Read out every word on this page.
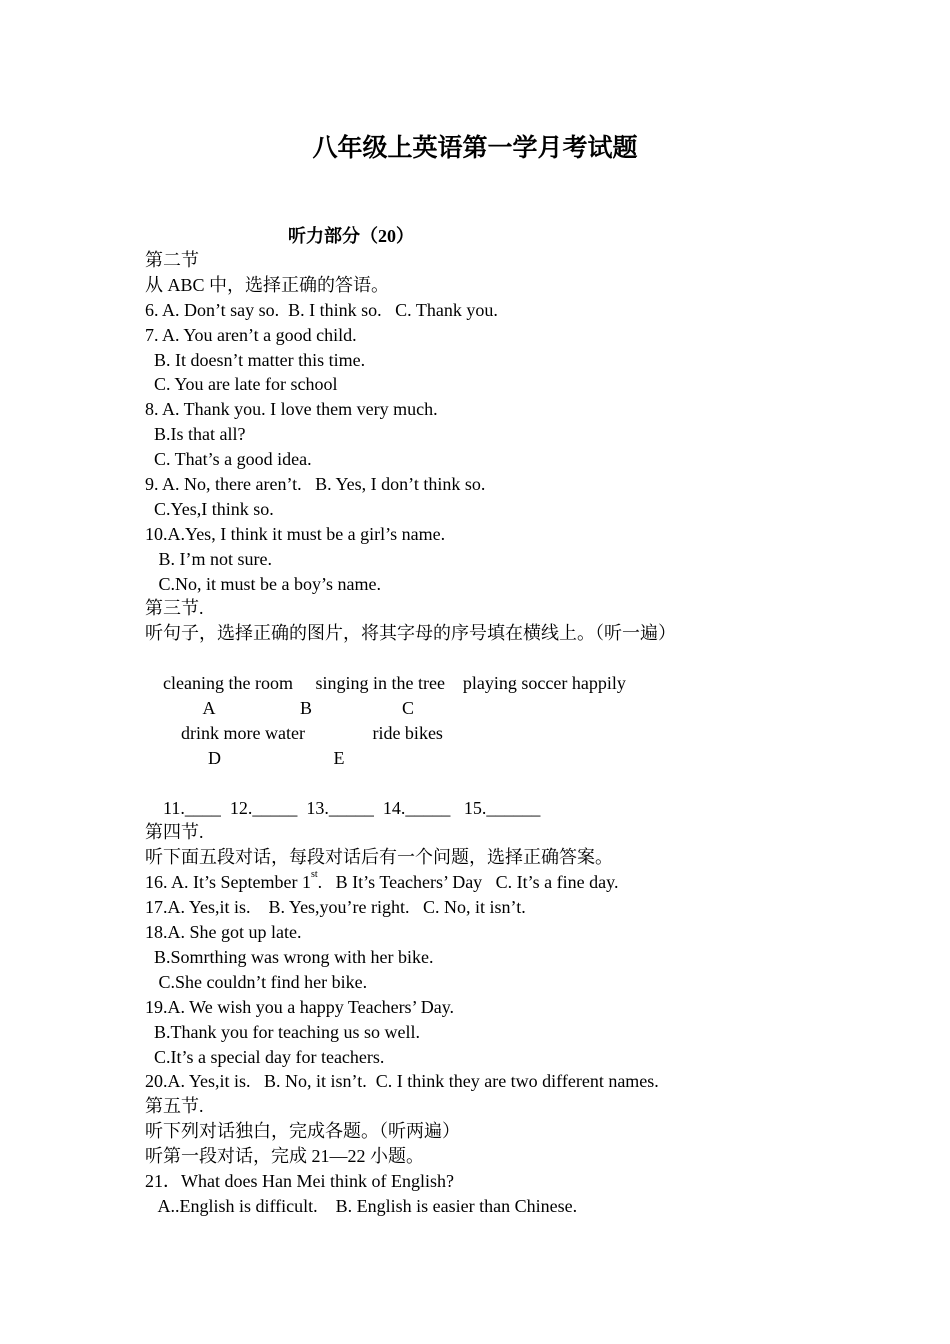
八年级上英语第一学月考试题
听力部分（20）
第二节
从 ABC 中，选择正确的答语。
6. A. Don’t say so.  B. I think so.   C. Thank you.
7. A. You aren’t a good child.
B. It doesn’t matter this time.
C. You are late for school
8. A. Thank you. I love them very much.
B.Is that all?
C. That’s a good idea.
9. A. No, there aren’t.   B. Yes, I don’t think so.
C.Yes,I think so.
10.A.Yes, I think it must be a girl’s name.
B. I’m not sure.
C.No, it must be a boy’s name.
第三节.
听句子，选择正确的图片，将其字母的序号填在横线上。（听一遍）
cleaning the room     singing in the tree    playing soccer happily
A                   B                    C
drink more water               ride bikes
D                         E
11.____  12._____  13._____  14._____   15.______
第四节.
听下面五段对话，每段对话后有一个问题，选择正确答案。
16. A. It’s September 1st.   B It’s Teachers’ Day   C. It’s a fine day.
17.A. Yes,it is.    B. Yes,you’re right.   C. No, it isn’t.
18.A. She got up late.
B.Somrthing was wrong with her bike.
C.She couldn’t find her bike.
19.A. We wish you a happy Teachers’ Day.
B.Thank you for teaching us so well.
C.It’s a special day for teachers.
20.A. Yes,it is.   B. No, it isn’t.  C. I think they are two different names.
第五节.
听下列对话独白，完成各题。（听两遍）
听第一段对话，完成 21—22 小题。
21．What does Han Mei think of English?
A..English is difficult.    B. English is easier than Chinese.
